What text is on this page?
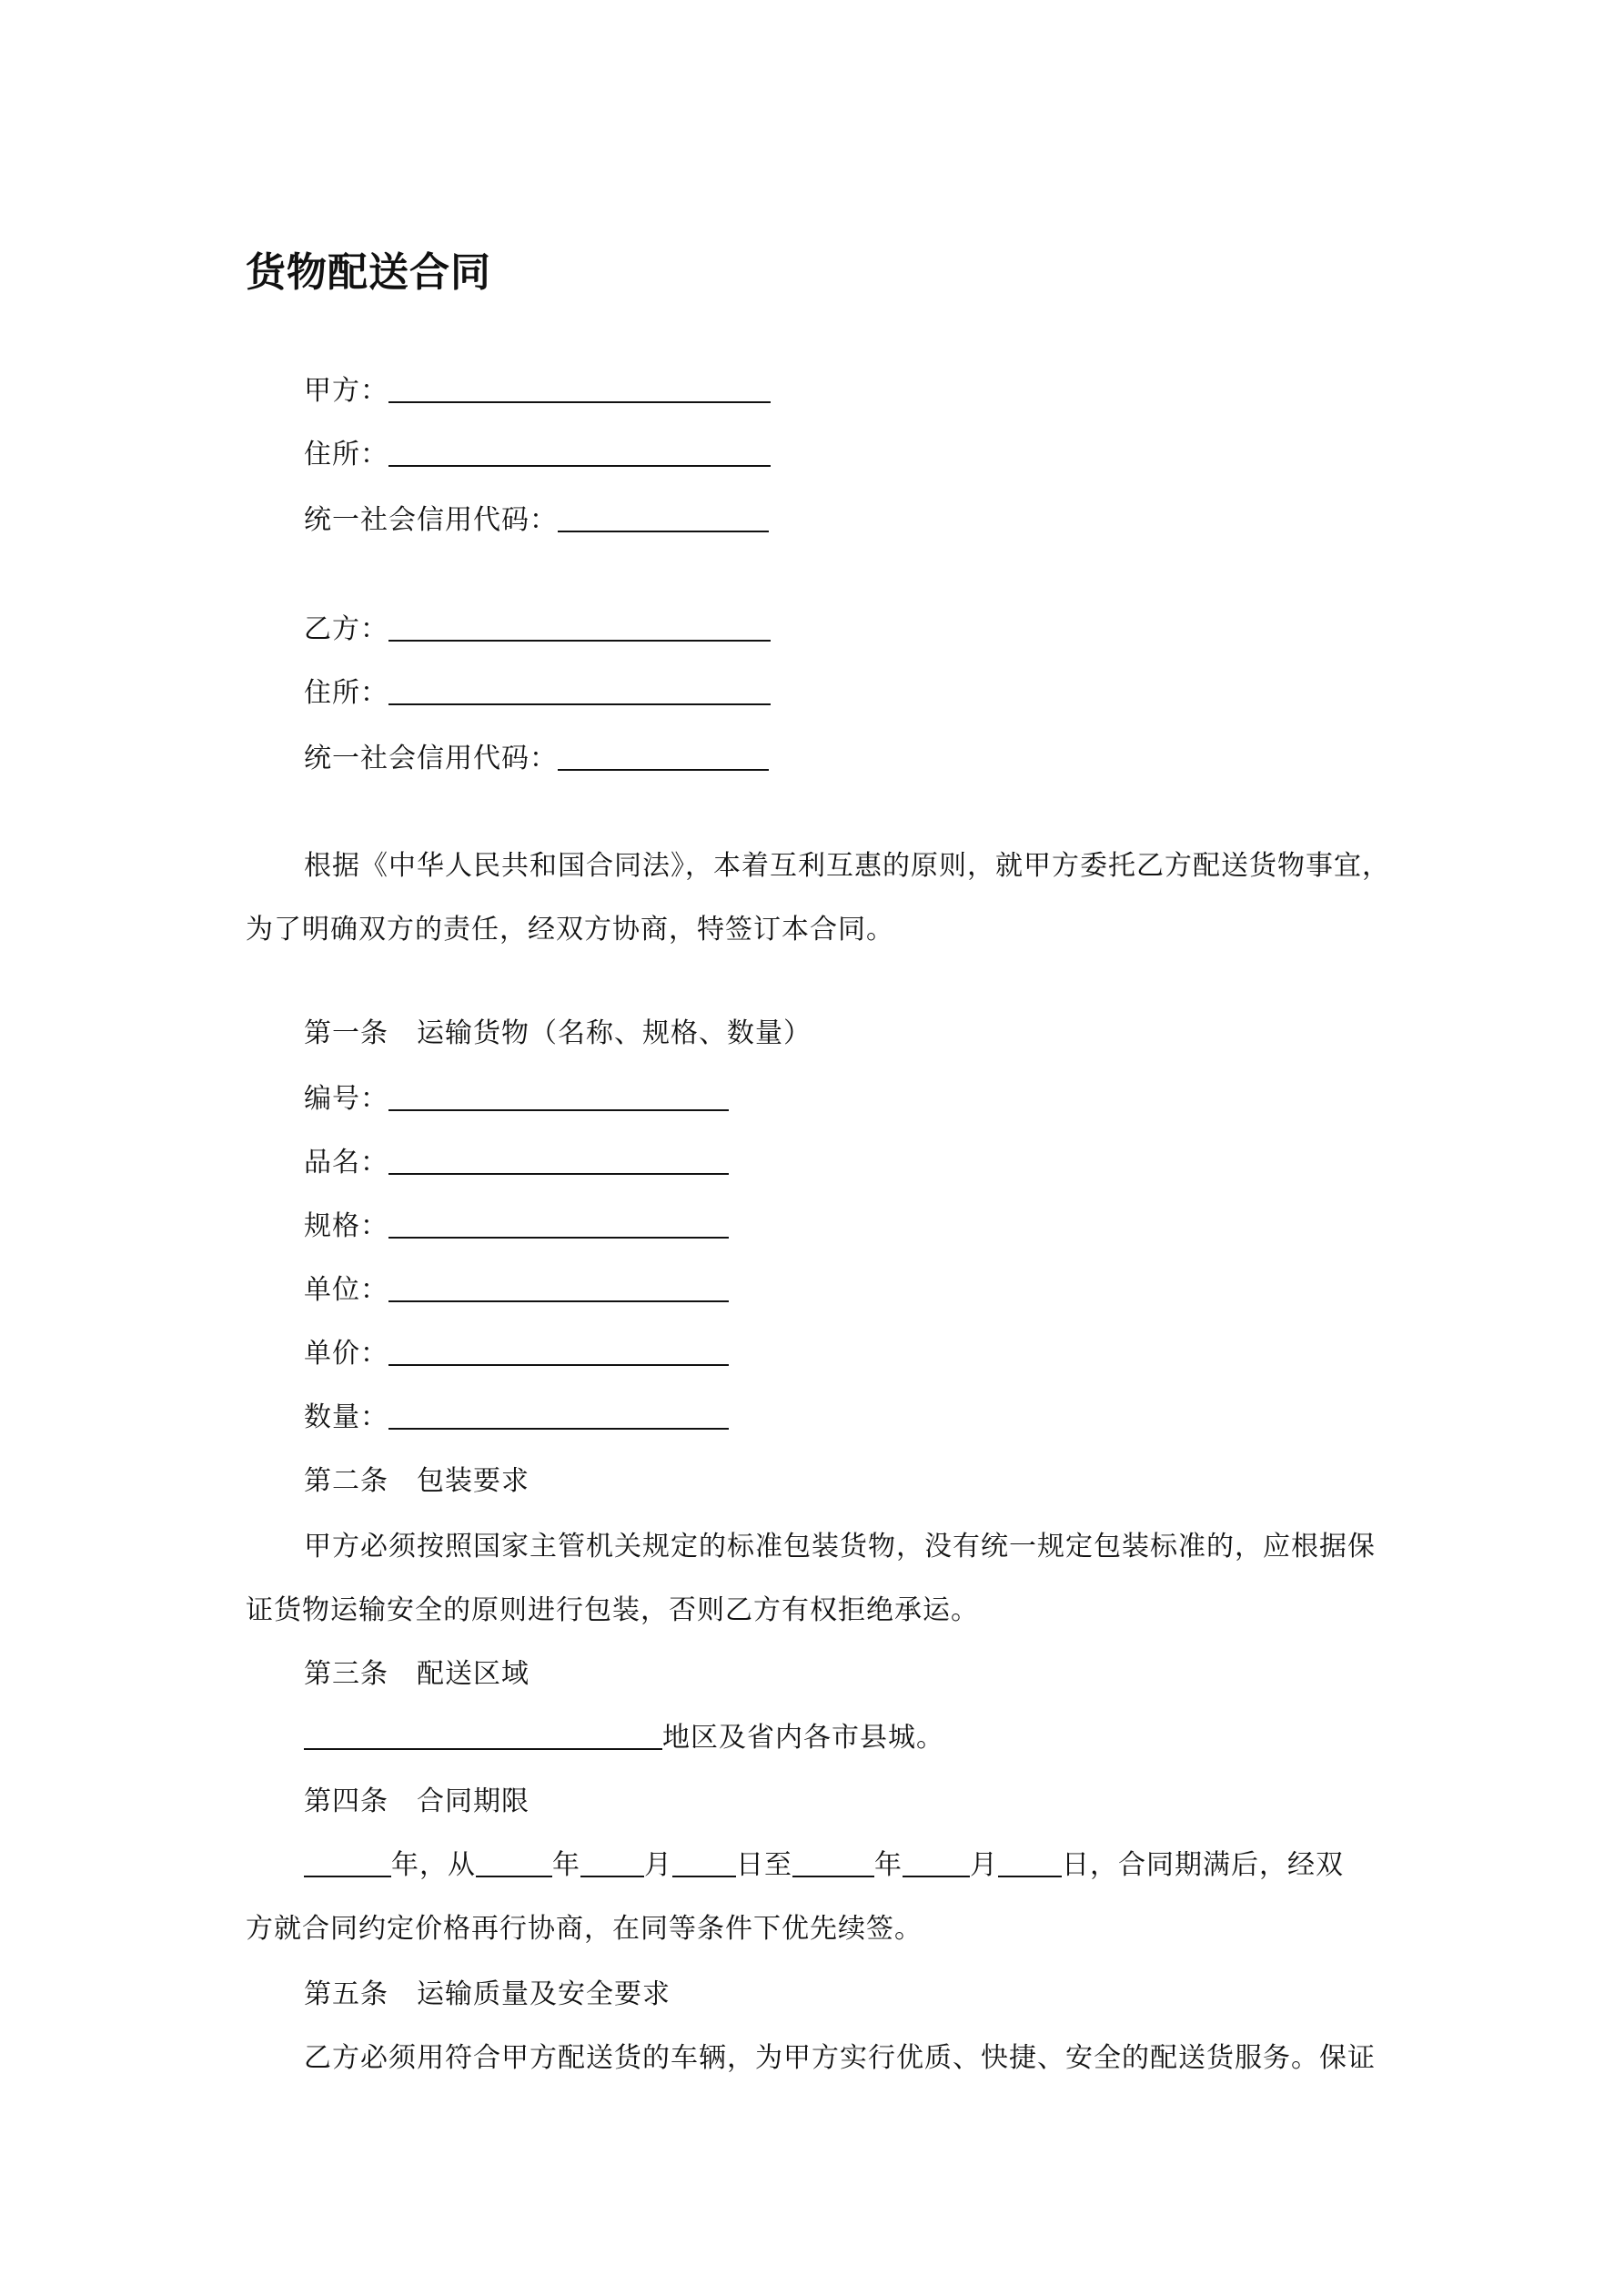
货物配送合同
甲方：
住所：
统一社会信用代码：
乙方：
住所：
统一社会信用代码：
根据《中华人民共和国合同法》，本着互利互惠的原则，就甲方委托乙方配送货物事宜，
为了明确双方的责任，经双方协商，特签订本合同。
第一条　运输货物（名称、规格、数量）
编号：
品名：
规格：
单位：
单价：
数量：
第二条　包装要求
甲方必须按照国家主管机关规定的标准包装货物，没有统一规定包装标准的，应根据保
证货物运输安全的原则进行包装，否则乙方有权拒绝承运。
第三条　配送区域
地区及省内各市县城。
第四条　合同期限
年，从	年 月 日至	年 月 日，合同期满后，经双
方就合同约定价格再行协商，在同等条件下优先续签。
第五条　运输质量及安全要求
乙方必须用符合甲方配送货的车辆，为甲方实行优质、快捷、安全的配送货服务。保证
